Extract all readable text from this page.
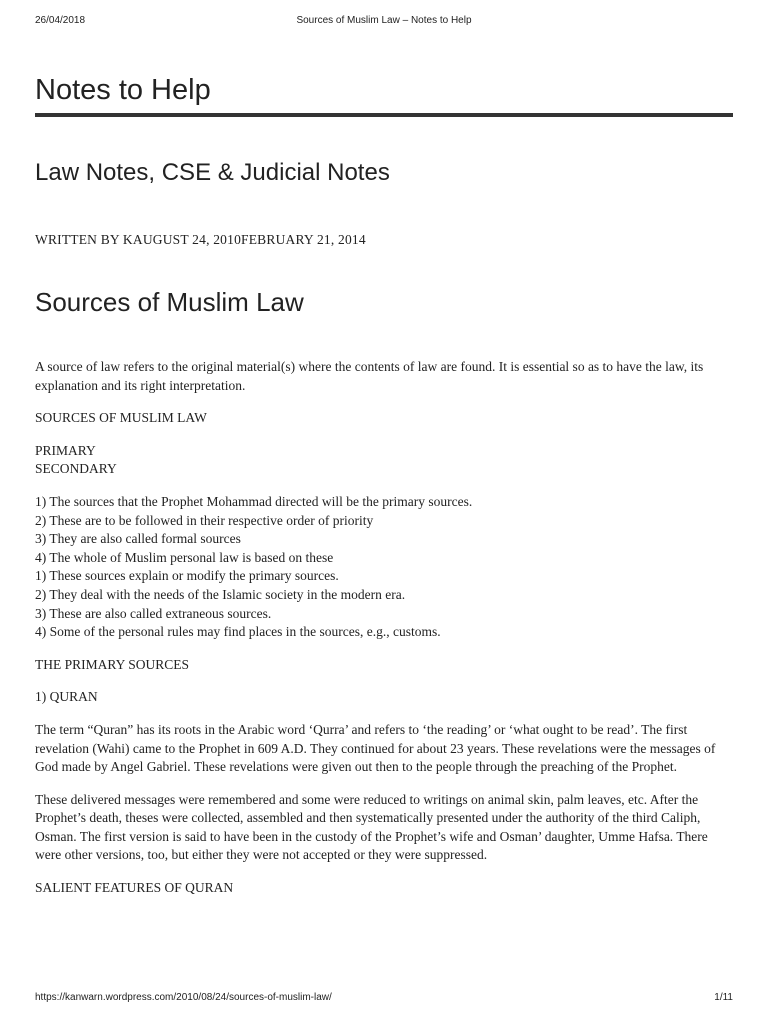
26/04/2018	Sources of Muslim Law – Notes to Help
Notes to Help
Law Notes, CSE & Judicial Notes
WRITTEN BY KAUGUST 24, 2010FEBRUARY 21, 2014
Sources of Muslim Law

A source of law refers to the original material(s) where the contents of law are found. It is essential so as to have the law, its explanation and its right interpretation.

SOURCES OF MUSLIM LAW

PRIMARY
SECONDARY

1) The sources that the Prophet Mohammad directed will be the primary sources.
2) These are to be followed in their respective order of priority
3) They are also called formal sources
4) The whole of Muslim personal law is based on these
1) These sources explain or modify the primary sources.
2) They deal with the needs of the Islamic society in the modern era.
3) These are also called extraneous sources.
4) Some of the personal rules may find places in the sources, e.g., customs.

THE PRIMARY SOURCES

1) QURAN

The term “Quran” has its roots in the Arabic word ‘Qurra’ and refers to ‘the reading’ or ‘what ought to be read’. The first revelation (Wahi) came to the Prophet in 609 A.D. They continued for about 23 years. These revelations were the messages of God made by Angel Gabriel. These revelations were given out then to the people through the preaching of the Prophet.

These delivered messages were remembered and some were reduced to writings on animal skin, palm leaves, etc. After the Prophet’s death, theses were collected, assembled and then systematically presented under the authority of the third Caliph, Osman. The first version is said to have been in the custody of the Prophet’s wife and Osman’ daughter, Umme Hafsa. There were other versions, too, but either they were not accepted or they were suppressed.

SALIENT FEATURES OF QURAN

https://kanwarn.wordpress.com/2010/08/24/sources-of-muslim-law/	1/11
